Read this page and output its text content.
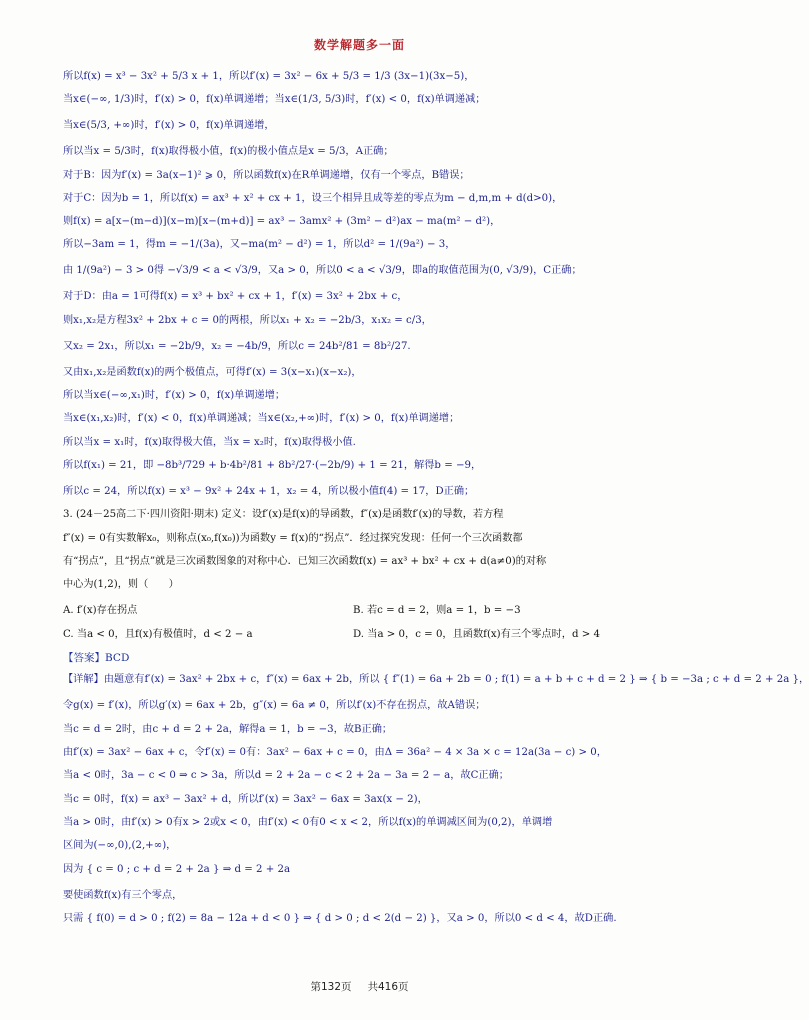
数学解题多一面
所以f(x) = x³ − 3x² + 5/3 x + 1，所以f′(x) = 3x² − 6x + 5/3 = 1/3 (3x−1)(3x−5)，
当x∈(−∞, 1/3)时，f′(x) > 0，f(x)单调递增；当x∈(1/3, 5/3)时，f′(x) < 0，f(x)单调递减；
当x∈(5/3, +∞)时，f′(x) > 0，f(x)单调递增，
所以当x = 5/3时，f(x)取得极小值，f(x)的极小值点是x = 5/3，A正确；
对于B：因为f′(x) = 3a(x−1)² ⩾ 0，所以函数f(x)在R单调递增，仅有一个零点，B错误；
对于C：因为b = 1，所以f(x) = ax³ + x² + cx + 1，设三个相异且成等差的零点为m − d,m,m + d(d>0)，
则f(x) = a[x−(m−d)](x−m)[x−(m+d)] = ax³ − 3amx² + (3m² − d²)ax − ma(m² − d²)，
所以−3am = 1，得m = −1/(3a)，又−ma(m² − d²) = 1，所以d² = 1/(9a²) − 3，
由 1/(9a²) − 3 > 0得 −√3/9 < a < √3/9，又a > 0，所以0 < a < √3/9，即a的取值范围为(0, √3/9)，C正确；
对于D：由a = 1可得f(x) = x³ + bx² + cx + 1，f′(x) = 3x² + 2bx + c，
则x₁,x₂是方程3x² + 2bx + c = 0的两根，所以x₁ + x₂ = −2b/3，x₁x₂ = c/3，
又x₂ = 2x₁，所以x₁ = −2b/9，x₂ = −4b/9，所以c = 24b²/81 = 8b²/27.
又由x₁,x₂是函数f(x)的两个极值点，可得f′(x) = 3(x−x₁)(x−x₂)，
所以当x∈(−∞,x₁)时，f′(x) > 0，f(x)单调递增；
当x∈(x₁,x₂)时，f′(x) < 0，f(x)单调递减；当x∈(x₂,+∞)时，f′(x) > 0，f(x)单调递增；
所以当x = x₁时，f(x)取得极大值，当x = x₂时，f(x)取得极小值.
所以f(x₁) = 21，即 −8b³/729 + b·4b²/81 + 8b²/27·(−2b/9) + 1 = 21，解得b = −9，
所以c = 24，所以f(x) = x³ − 9x² + 24x + 1，x₂ = 4，所以极小值f(4) = 17，D正确；
3. (24－25高二下·四川资阳·期末) 定义：设f′(x)是f(x)的导函数，f″(x)是函数f′(x)的导数，若方程
f″(x) = 0有实数解x₀，则称点(x₀,f(x₀))为函数y = f(x)的“拐点”．经过探究发现：任何一个三次函数都
有“拐点”，且“拐点”就是三次函数图象的对称中心．已知三次函数f(x) = ax³ + bx² + cx + d(a≠0)的对称
中心为(1,2)，则（　　）
A. f′(x)存在拐点	B. 若c = d = 2，则a = 1，b = −3
C. 当a < 0，且f(x)有极值时，d < 2 − a	D. 当a > 0，c = 0，且函数f(x)有三个零点时，d > 4
【答案】BCD
【详解】由题意有f′(x) = 3ax² + 2bx + c，f″(x) = 6ax + 2b，所以 { f″(1) = 6a + 2b = 0 ; f(1) = a + b + c + d = 2 } ⇒ { b = −3a ; c + d = 2 + 2a }，
令g(x) = f′(x)，所以g′(x) = 6ax + 2b，g″(x) = 6a ≠ 0，所以f′(x)不存在拐点，故A错误；
当c = d = 2时，由c + d = 2 + 2a，解得a = 1，b = −3，故B正确；
由f′(x) = 3ax² − 6ax + c，令f′(x) = 0有：3ax² − 6ax + c = 0，由Δ = 36a² − 4 × 3a × c = 12a(3a − c) > 0，
当a < 0时，3a − c < 0 ⇒ c > 3a，所以d = 2 + 2a − c < 2 + 2a − 3a = 2 − a，故C正确；
当c = 0时，f(x) = ax³ − 3ax² + d，所以f′(x) = 3ax² − 6ax = 3ax(x − 2)，
当a > 0时，由f′(x) > 0有x > 2或x < 0，由f′(x) < 0有0 < x < 2，所以f(x)的单调减区间为(0,2)，单调增
区间为(−∞,0),(2,+∞)，
因为 { c = 0 ; c + d = 2 + 2a } ⇒ d = 2 + 2a
要使函数f(x)有三个零点，
只需 { f(0) = d > 0 ; f(2) = 8a − 12a + d < 0 } ⇒ { d > 0 ; d < 2(d − 2) }，又a > 0，所以0 < d < 4，故D正确.
第132页 共416页
